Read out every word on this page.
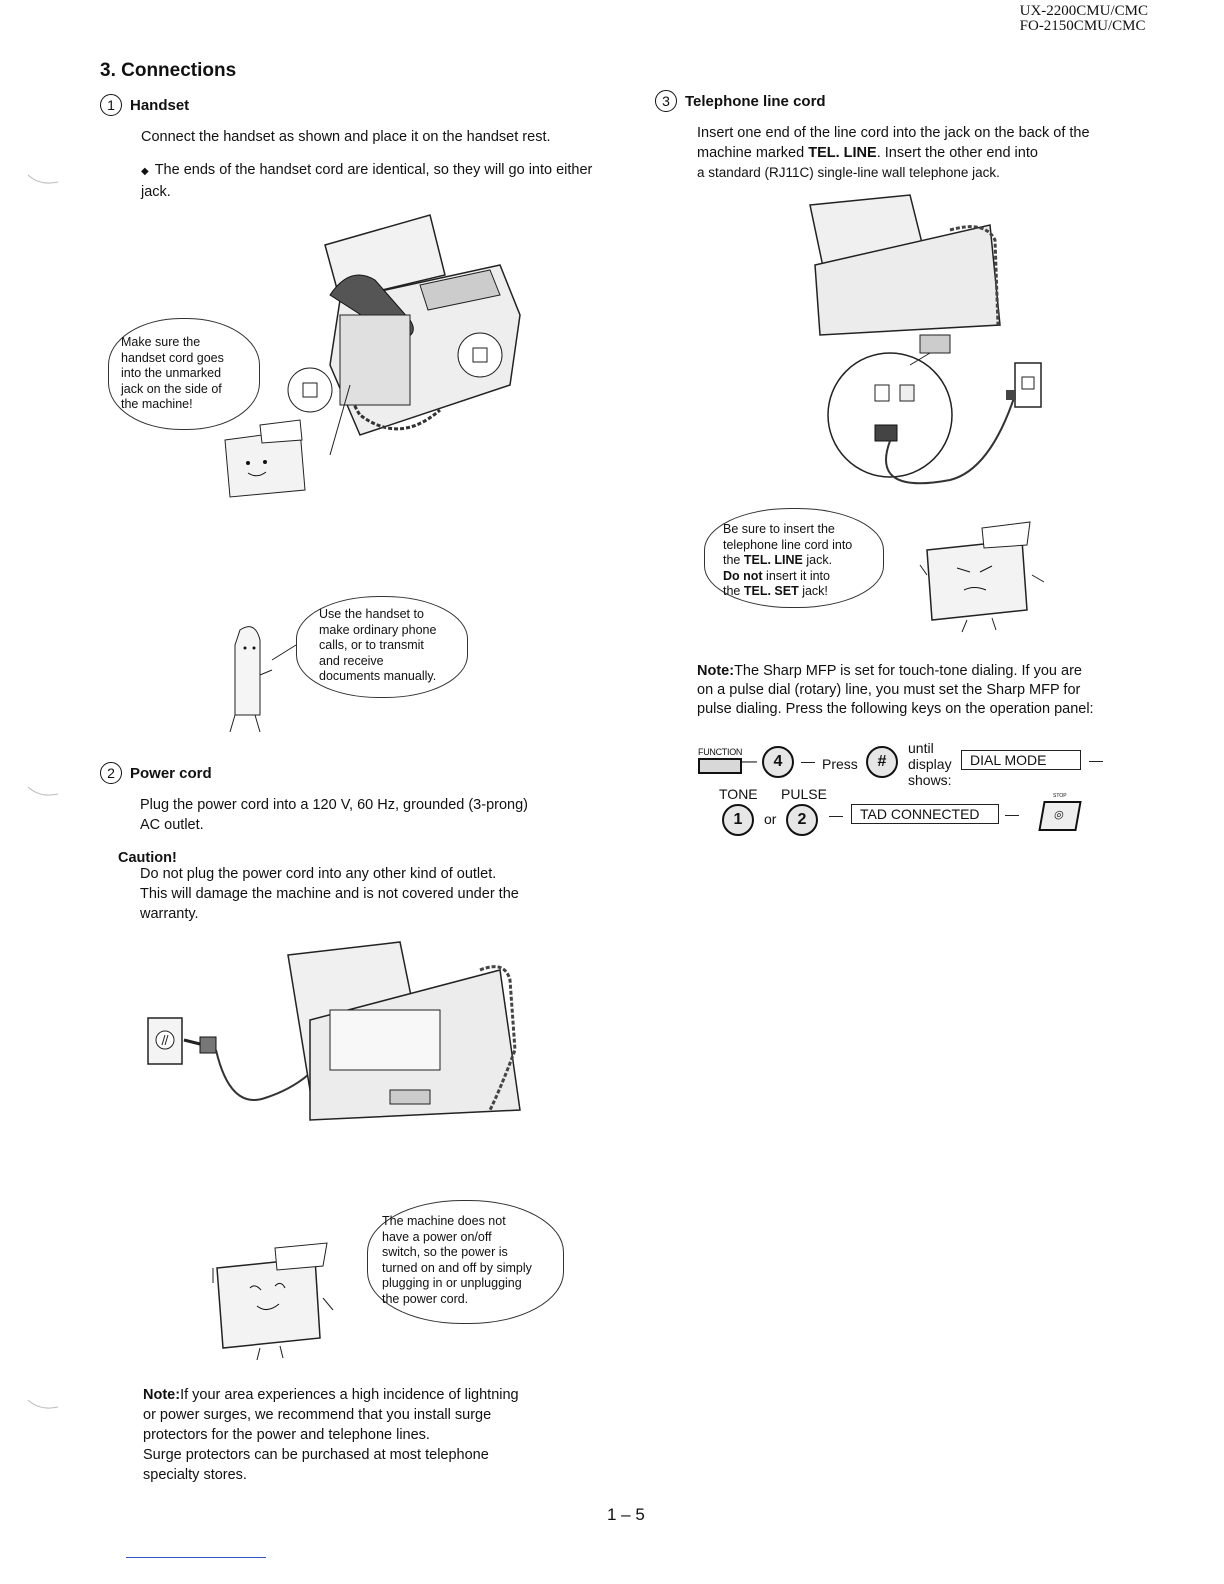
UX-2200CMU/CMC
FO-2150CMU/CMC
3. Connections
1	Handset
Connect the handset as shown and place it on the handset rest.
◆ The ends of the handset cord are identical, so they will go into either jack.
Make sure the
handset cord goes
into the unmarked
jack on the side of
the machine!
Use the handset to
make ordinary phone
calls, or to transmit
and receive
documents manually.
2	Power cord
Plug the power cord into a 120 V, 60 Hz, grounded (3-prong)
AC outlet.
Caution!
Do not plug the power cord into any other kind of outlet.
This will damage the machine and is not covered under the
warranty.
The machine does not
have a power on/off
switch, so the power is
turned on and off by simply
plugging in or unplugging
the power cord.
Note:If your area experiences a high incidence of lightning
or power surges, we recommend that you install surge
protectors for the power and telephone lines.
Surge protectors can be purchased at most telephone
specialty stores.
3	Telephone line cord
Insert one end of the line cord into the jack on the back of the
machine marked TEL. LINE. Insert the other end into
a standard (RJ11C) single-line wall telephone jack.
Be sure to insert the
telephone line cord into
the TEL. LINE jack.
Do not insert it into
the TEL. SET jack!
Note:The Sharp MFP is set for touch-tone dialing. If you are
on a pulse dial (rotary) line, you must set the Sharp MFP for
pulse dialing. Press the following keys on the operation panel:
FUNCTION
—	4	— Press	#
until
display
shows:
DIAL MODE	—
TONE PULSE
1	or	2	—	TAD CONNECTED	—
STOP
◎
1 – 5
